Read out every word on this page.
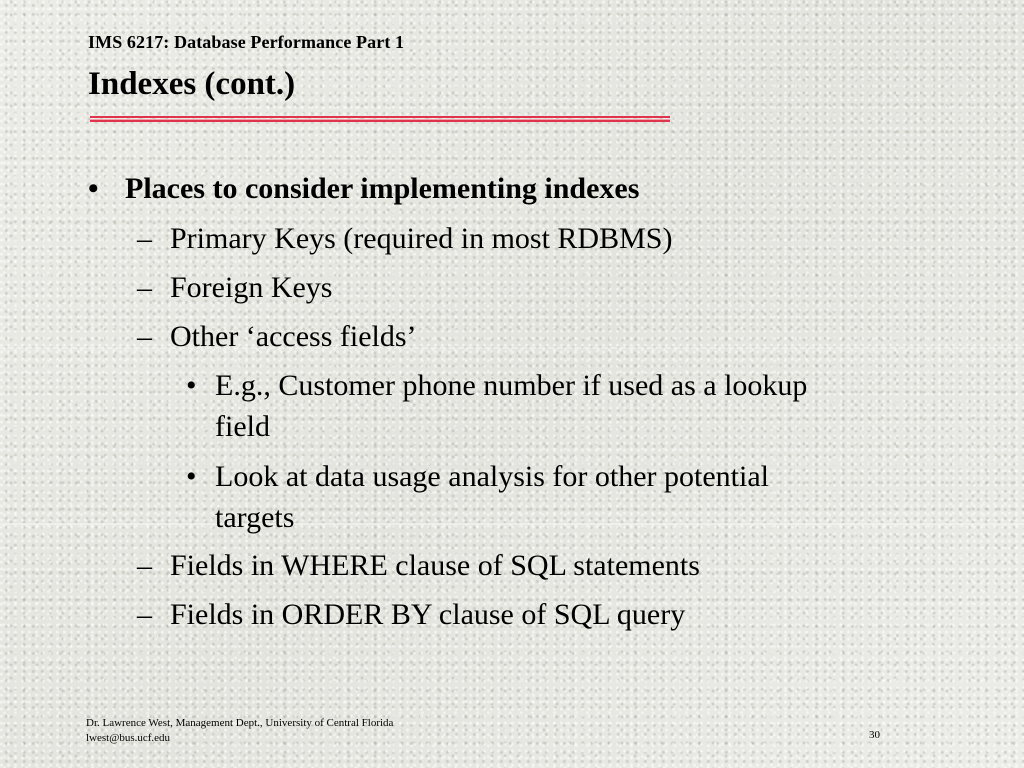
IMS 6217: Database Performance Part 1
Indexes (cont.)
• Places to consider implementing indexes
– Primary Keys (required in most RDBMS)
– Foreign Keys
– Other ‘access fields’
• E.g., Customer phone number if used as a lookup
field
• Look at data usage analysis for other potential
targets
– Fields in WHERE clause of SQL statements
– Fields in ORDER BY clause of SQL query
Dr. Lawrence West, Management Dept., University of Central Florida
lwest@bus.ucf.edu	30
